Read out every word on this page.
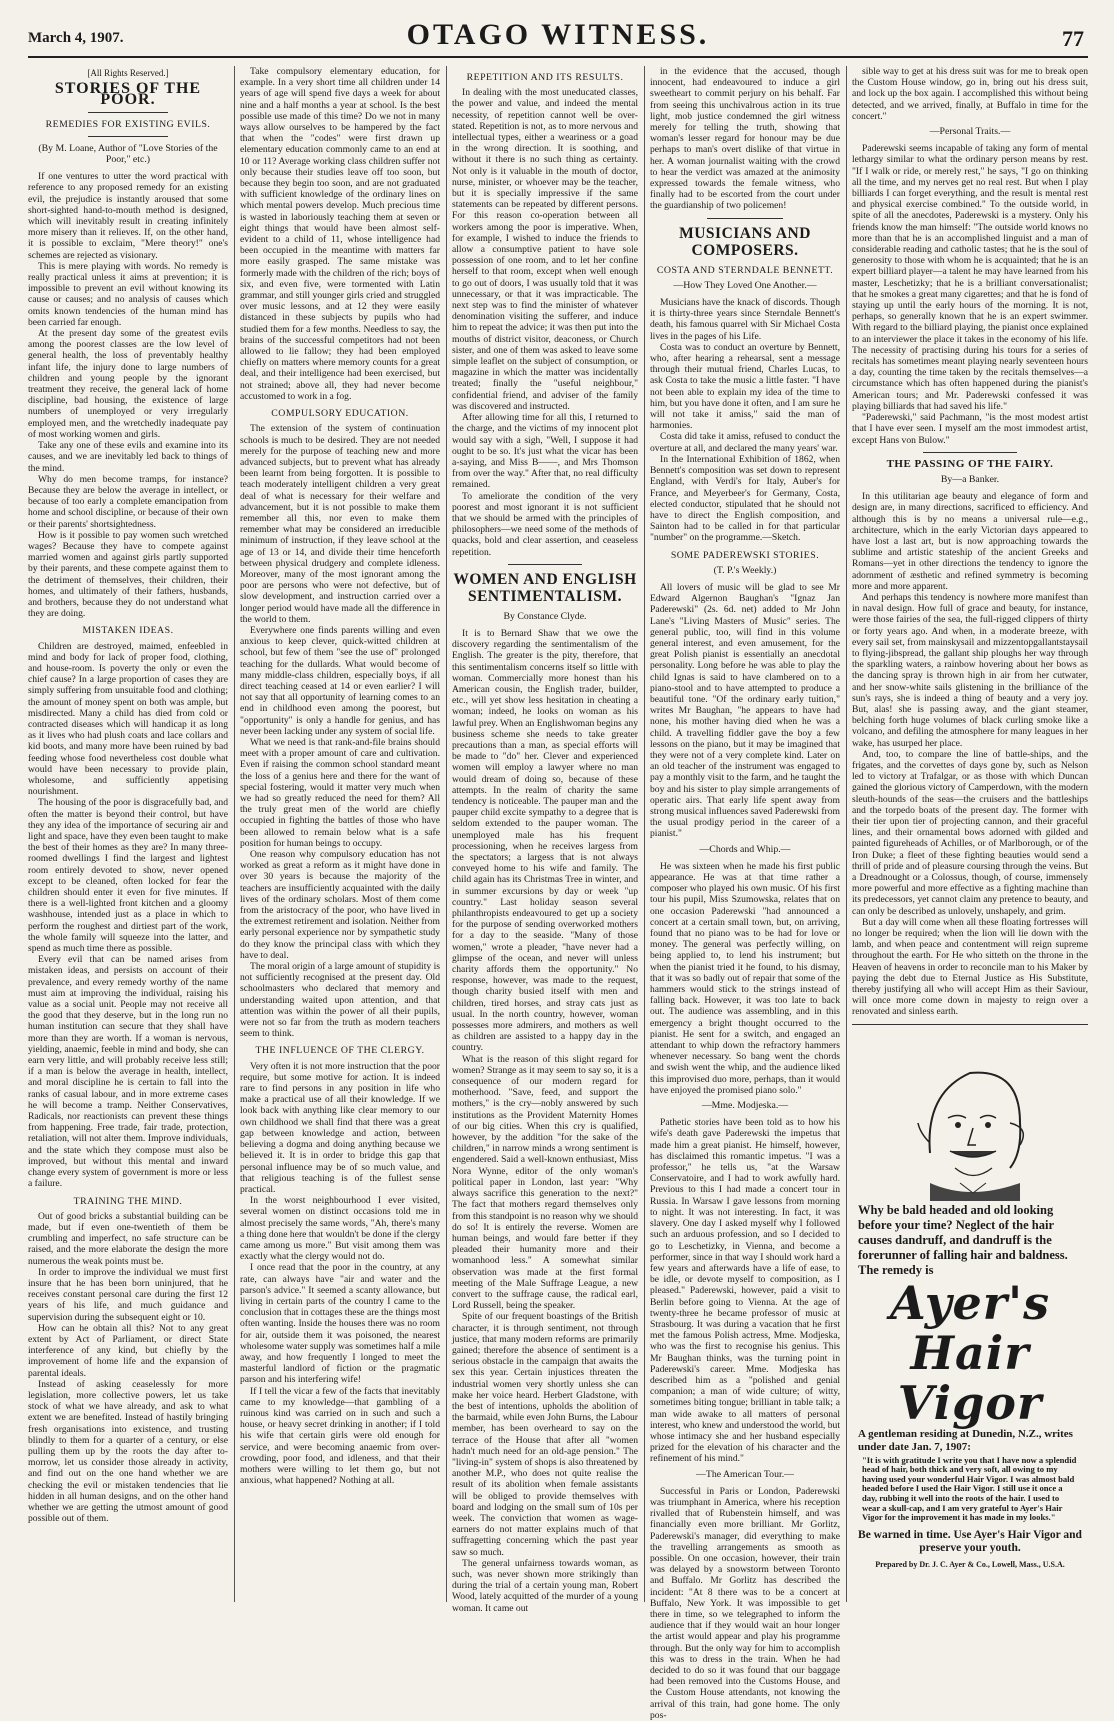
March 4, 1907.	OTAGO WITNESS.	77
[All Rights Reserved.]
STORIES OF THE POOR.
REMEDIES FOR EXISTING EVILS.
(By M. Loane, Author of "Love Stories of the Poor," etc.)

If one ventures to utter the word practical with reference to any proposed remedy for an existing evil, the prejudice is instantly aroused that some short-sighted hand-to-mouth method is designed, which will inevitably result in creating infinitely more misery than it relieves. If, on the other hand, it is possible to exclaim, "Mere theory!" one's schemes are rejected as visionary.

This is mere playing with words. No remedy is really practical unless it aims at prevention; it is impossible to prevent an evil without knowing its cause or causes; and no analysis of causes which omits known tendencies of the human mind has been carried far enough.

At the present day some of the greatest evils among the poorest classes are the low level of general health, the loss of preventably healthy infant life, the injury done to large numbers of children and young people by the ignorant treatment they receive, the general lack of home discipline, bad housing, the existence of large numbers of unemployed or very irregularly employed men, and the wretchedly inadequate pay of most working women and girls.

Take any one of these evils and examine into its causes, and we are inevitably led back to things of the mind.

Why do men become tramps, for instance? Because they are below the average in intellect, or because of too early a complete emancipation from home and school discipline, or because of their own or their parents' shortsightedness.

How is it possible to pay women such wretched wages? Because they have to compete against married women and against girls partly supported by their parents, and these compete against them to the detriment of themselves, their children, their homes, and ultimately of their fathers, husbands, and brothers, because they do not understand what they are doing.

MISTAKEN IDEAS.

Children are destroyed, maimed, enfeebled in mind and body for lack of proper food, clothing, and house-room. Is poverty the only or even the chief cause? In a large proportion of cases they are simply suffering from unsuitable food and clothing; the amount of money spent on both was ample, but misdirected. Many a child has died from cold or contracted diseases which will handicap it as long as it lives who had plush coats and lace collars and kid boots, and many more have been ruined by bad feeding whose food nevertheless cost double what would have been necessary to provide plain, wholesome, and sufficiently appetising nourishment.

The housing of the poor is disgracefully bad, and often the matter is beyond their control, but have they any idea of the importance of securing air and light and space, have they even been taught to make the best of their homes as they are? In many three-roomed dwellings I find the largest and lightest room entirely devoted to show, never opened except to be cleaned, often locked for fear the children should enter it even for five minutes. If there is a well-lighted front kitchen and a gloomy washhouse, intended just as a place in which to perform the roughest and dirtiest part of the work, the whole family will squeeze into the latter, and spend as much time there as possible.

Every evil that can be named arises from mistaken ideas, and persists on account of their prevalence, and every remedy worthy of the name must aim at improving the individual, raising his value as a social unit. People may not receive all the good that they deserve, but in the long run no human institution can secure that they shall have more than they are worth. If a woman is nervous, yielding, anaemic, feeble in mind and body, she can earn very little, and will probably receive less still; if a man is below the average in health, intellect, and moral discipline he is certain to fall into the ranks of casual labour, and in more extreme cases he will become a tramp. Neither Conservatives, Radicals, nor reactionists can prevent these things from happening. Free trade, fair trade, protection, retaliation, will not alter them. Improve individuals, and the state which they compose must also be improved, but without this mental and inward change every system of government is more or less a failure.

TRAINING THE MIND.

Out of good bricks a substantial building can be made, but if even one-twentieth of them be crumbling and imperfect, no safe structure can be raised, and the more elaborate the design the more numerous the weak points must be.

In order to improve the individual we must first insure that he has been born uninjured, that he receives constant personal care during the first 12 years of his life, and much guidance and supervision during the subsequent eight or 10.

How can he obtain all this? Not to any great extent by Act of Parliament, or direct State interference of any kind, but chiefly by the improvement of home life and the expansion of parental ideals.

Instead of asking ceaselessly for more legislation, more collective powers, let us take stock of what we have already, and ask to what extent we are benefited. Instead of hastily bringing fresh organisations into existence, and trusting blindly to them for a quarter of a century, or else pulling them up by the roots the day after to-morrow, let us consider those already in activity, and find out on the one hand whether we are checking the evil or mistaken tendencies that lie hidden in all human designs, and on the other hand whether we are getting the utmost amount of good possible out of them.

Take compulsory elementary education, for example. In a very short time all children under 14 years of age will spend five days a week for about nine and a half months a year at school. Is the best possible use made of this time? Do we not in many ways allow ourselves to be hampered by the fact that when the "codes" were first drawn up elementary education commonly came to an end at 10 or 11? Average working class children suffer not only because their studies leave off too soon, but because they begin too soon, and are not graduated with sufficient knowledge of the ordinary lines on which mental powers develop. Much precious time is wasted in laboriously teaching them at seven or eight things that would have been almost self-evident to a child of 11, whose intelligence had been occupied in the meantime with matters far more easily grasped. The same mistake was formerly made with the children of the rich; boys of six, and even five, were tormented with Latin grammar, and still younger girls cried and struggled over music lessons, and at 12 they were easily distanced in these subjects by pupils who had studied them for a few months. Needless to say, the brains of the successful competitors had not been allowed to lie fallow; they had been employed chiefly on matters where memory counts for a great deal, and their intelligence had been exercised, but not strained; above all, they had never become accustomed to work in a fog.

COMPULSORY EDUCATION.

The extension of the system of continuation schools is much to be desired. They are not needed merely for the purpose of teaching new and more advanced subjects, but to prevent what has already been learnt from being forgotten. It is possible to teach moderately intelligent children a very great deal of what is necessary for their welfare and advancement, but it is not possible to make them remember all this, nor even to make them remember what may be considered an irreducible minimum of instruction, if they leave school at the age of 13 or 14, and divide their time henceforth between physical drudgery and complete idleness. Moreover, many of the most ignorant among the poor are persons who were not defective, but of slow development, and instruction carried over a longer period would have made all the difference in the world to them.

Everywhere one finds parents willing and even anxious to keep clever, quick-witted children at school, but few of them "see the use of" prolonged teaching for the dullards. What would become of many middle-class children, especially boys, if all direct teaching ceased at 14 or even earlier? I will not say that all opportunity of learning comes to an end in childhood even among the poorest, but "opportunity" is only a handle for genius, and has never been lacking under any system of social life.

What we need is that rank-and-file brains should meet with a proper amount of care and cultivation. Even if raising the common school standard meant the loss of a genius here and there for the want of special fostering, would it matter very much when we had so greatly reduced the need for them? All the truly great men of the world are chiefly occupied in fighting the battles of those who have been allowed to remain below what is a safe position for human beings to occupy.

One reason why compulsory education has not worked as great a reform as it might have done in over 30 years is because the majority of the teachers are insufficiently acquainted with the daily lives of the ordinary scholars. Most of them come from the aristocracy of the poor, who have lived in the extremest retirement and isolation. Neither from early personal experience nor by sympathetic study do they know the principal class with which they have to deal.

The moral origin of a large amount of stupidity is not sufficiently recognised at the present day. Old schoolmasters who declared that memory and understanding waited upon attention, and that attention was within the power of all their pupils, were not so far from the truth as modern teachers seem to think.

THE INFLUENCE OF THE CLERGY.

Very often it is not more instruction that the poor require, but some motive for action. It is indeed rare to find persons in any position in life who make a practical use of all their knowledge. If we look back with anything like clear memory to our own childhood we shall find that there was a great gap between knowledge and action, between believing a dogma and doing anything because we believed it. It is in order to bridge this gap that personal influence may be of so much value, and that religious teaching is of the fullest sense practical.

In the worst neighbourhood I ever visited, several women on distinct occasions told me in almost precisely the same words, "Ah, there's many a thing done here that wouldn't be done if the clergy came among us more." But visit among them was exactly what the clergy would not do.

I once read that the poor in the country, at any rate, can always have "air and water and the parson's advice." It seemed a scanty allowance, but living in certain parts of the country I came to the conclusion that in cottages these are the things most often wanting. Inside the houses there was no room for air, outside them it was poisoned, the nearest wholesome water supply was sometimes half a mile away, and how frequently I longed to meet the masterful landlord of fiction or the pragmatic parson and his interfering wife!

If I tell the vicar a few of the facts that inevitably came to my knowledge—that gambling of a ruinous kind was carried on in such and such a house, or heavy secret drinking in another; if I told his wife that certain girls were old enough for service, and were becoming anaemic from over-crowding, poor food, and idleness, and that their mothers were willing to let them go, but not anxious, what happened? Nothing at all.

REPETITION AND ITS RESULTS.

In dealing with the most uneducated classes, the power and value, and indeed the mental necessity, of repetition cannot well be over-stated. Repetition is not, as to more nervous and intellectual types, either a weariness or a goad in the wrong direction. It is soothing, and without it there is no such thing as certainty. Not only is it valuable in the mouth of doctor, nurse, minister, or whoever may be the teacher, but it is specially impressive if the same statements can be repeated by different persons. For this reason co-operation between all workers among the poor is imperative. When, for example, I wished to induce the friends to allow a consumptive patient to have sole possession of one room, and to let her confine herself to that room, except when well enough to go out of doors, I was usually told that it was unnecessary, or that it was impracticable. The next step was to find the minister of whatever denomination visiting the sufferer, and induce him to repeat the advice; it was then put into the mouths of district visitor, deaconess, or Church sister, and one of them was asked to leave some simple leaflet on the subject of consumption, or magazine in which the matter was incidentally treated; finally the "useful neighbour," confidential friend, and adviser of the family was discovered and instructed.

After allowing time for all this, I returned to the charge, and the victims of my innocent plot would say with a sigh, "Well, I suppose it had ought to be so. It's just what the vicar has been a-saying, and Miss B——, and Mrs Thomson from over the way." After that, no real difficulty remained.

To ameliorate the condition of the very poorest and most ignorant it is not sufficient that we should be armed with the principles of philosophers—we need some of the methods of quacks, bold and clear assertion, and ceaseless repetition.

WOMEN AND ENGLISH SENTIMENTALISM.
By Constance Clyde.

It is to Bernard Shaw that we owe the discovery regarding the sentimentalism of the English. The greater is the pity, therefore, that this sentimentalism concerns itself so little with woman. Commercially more honest than his American cousin, the English trader, builder, etc., will yet show less hesitation in cheating a woman; indeed, he looks on woman as his lawful prey. When an Englishwoman begins any business scheme she needs to take greater precautions than a man, as special efforts will be made to "do" her. Clever and experienced women will employ a lawyer where no man would dream of doing so, because of these attempts. In the realm of charity the same tendency is noticeable. The pauper man and the pauper child excite sympathy to a degree that is seldom extended to the pauper woman. The unemployed male has his frequent processioning, when he receives largess from the spectators; a largess that is not always conveyed home to his wife and family. The child again has its Christmas Tree in winter, and in summer excursions by day or week "up country." Last holiday season several philanthropists endeavoured to get up a society for the purpose of sending overworked mothers for a day to the seaside. "Many of those women," wrote a pleader, "have never had a glimpse of the ocean, and never will unless charity affords them the opportunity." No response, however, was made to the request, though charity busied itself with men and children, tired horses, and stray cats just as usual. In the north country, however, woman possesses more admirers, and mothers as well as children are assisted to a happy day in the country.

What is the reason of this slight regard for women? Strange as it may seem to say so, it is a consequence of our modern regard for motherhood. "Save, feed, and support the mothers," is the cry—nobly answered by such institutions as the Provident Maternity Homes of our big cities. When this cry is qualified, however, by the addition "for the sake of the children," in narrow minds a wrong sentiment is engendered. Said a well-known enthusiast, Miss Nora Wynne, editor of the only woman's political paper in London, last year: "Why always sacrifice this generation to the next?" The fact that mothers regard themselves only from this standpoint is no reason why we should do so! It is entirely the reverse. Women are human beings, and would fare better if they pleaded their humanity more and their womanhood less." A somewhat similar observation was made at the first formal meeting of the Male Suffrage League, a new convert to the suffrage cause, the radical earl, Lord Russell, being the speaker.

Spite of our frequent boastings of the British character, it is through sentiment, not through justice, that many modern reforms are primarily gained; therefore the absence of sentiment is a serious obstacle in the campaign that awaits the sex this year. Certain injustices threaten the industrial women very shortly unless she can make her voice heard. Herbert Gladstone, with the best of intentions, upholds the abolition of the barmaid, while even John Burns, the Labour member, has been overheard to say on the terrace of the House that after all "women hadn't much need for an old-age pension." The "living-in" system of shops is also threatened by another M.P., who does not quite realise the result of its abolition when female assistants will be obliged to provide themselves with board and lodging on the small sum of 10s per week. The conviction that women as wage-earners do not matter explains much of that suffragetting concerning which the past year saw so much.

The general unfairness towards woman, as such, was never shown more strikingly than during the trial of a certain young man, Robert Wood, lately acquitted of the murder of a young woman. It came out

in the evidence that the accused, though innocent, had endeavoured to induce a girl sweetheart to commit perjury on his behalf. Far from seeing this unchivalrous action in its true light, mob justice condemned the girl witness merely for telling the truth, showing that woman's lesser regard for honour may be due perhaps to man's overt dislike of that virtue in her. A woman journalist waiting with the crowd to hear the verdict was amazed at the animosity expressed towards the female witness, who finally had to be escorted from the court under the guardianship of two policemen!

MUSICIANS AND COMPOSERS.
COSTA AND STERNDALE BENNETT.
—How They Loved One Another.—

Musicians have the knack of discords. Though it is thirty-three years since Sterndale Bennett's death, his famous quarrel with Sir Michael Costa lives in the pages of his Life.

Costa was to conduct an overture by Bennett, who, after hearing a rehearsal, sent a message through their mutual friend, Charles Lucas, to ask Costa to take the music a little faster. "I have not been able to explain my idea of the time to him, but you have done it often, and I am sure he will not take it amiss," said the man of harmonies.

Costa did take it amiss, refused to conduct the overture at all, and declared the many years' war.

In the International Exhibition of 1862, when Bennett's composition was set down to represent England, with Verdi's for Italy, Auber's for France, and Meyerbeer's for Germany, Costa, elected conductor, stipulated that he should not have to direct the English composition, and Sainton had to be called in for that particular "number" on the programme.—Sketch.

SOME PADEREWSKI STORIES.
(T. P.'s Weekly.)

All lovers of music will be glad to see Mr Edward Algernon Baughan's "Ignaz Jan Paderewski" (2s. 6d. net) added to Mr John Lane's "Living Masters of Music" series. The general public, too, will find in this volume general interest, and even amusement, for the great Polish pianist is essentially an anecdotal personality. Long before he was able to play the child Ignas is said to have clambered on to a piano-stool and to have attempted to produce a beautiful tone. "Of the ordinary early tuition," writes Mr Baughan, "he appears to have had none, his mother having died when he was a child. A travelling fiddler gave the boy a few lessons on the piano, but it may be imagined that they were not of a very complete kind. Later on an old teacher of the instrument was engaged to pay a monthly visit to the farm, and he taught the boy and his sister to play simple arrangements of operatic airs. That early life spent away from strong musical influences saved Paderewski from the usual prodigy period in the career of a pianist."

—Chords and Whip.—

He was sixteen when he made his first public appearance. He was at that time rather a composer who played his own music. Of his first tour his pupil, Miss Szumowska, relates that on one occasion Paderewski "had announced a concert at a certain small town, but, on arriving, found that no piano was to be had for love or money. The general was perfectly willing, on being applied to, to lend his instrument; but when the pianist tried it he found, to his dismay, that it was so badly out of repair that some of the hammers would stick to the strings instead of falling back. However, it was too late to back out. The audience was assembling, and in this emergency a bright thought occurred to the pianist. He sent for a switch, and engaged an attendant to whip down the refractory hammers whenever necessary. So bang went the chords and swish went the whip, and the audience liked this improvised duo more, perhaps, than it would have enjoyed the promised piano solo."

—Mme. Modjeska.—

Pathetic stories have been told as to how his wife's death gave Paderewski the impetus that made him a great pianist. He himself, however, has disclaimed this romantic impetus. "I was a professor," he tells us, "at the Warsaw Conservatoire, and I had to work awfully hard. Previous to this I had made a concert tour in Russia. In Warsaw I gave lessons from morning to night. It was not interesting. In fact, it was slavery. One day I asked myself why I followed such an arduous profession, and so I decided to go to Leschetizky, in Vienna, and become a performer, since in that way I should work hard a few years and afterwards have a life of ease, to be idle, or devote myself to composition, as I pleased." Paderewski, however, paid a visit to Berlin before going to Vienna. At the age of twenty-three he became professor of music at Strasbourg. It was during a vacation that he first met the famous Polish actress, Mme. Modjeska, who was the first to recognise his genius. This Mr Baughan thinks, was the turning point in Paderewski's career. Mme. Modjeska has described him as a "polished and genial companion; a man of wide culture; of witty, sometimes biting tongue; brilliant in table talk; a man wide awake to all matters of personal interest, who knew and understood the world, but whose intimacy she and her husband especially prized for the elevation of his character and the refinement of his mind."

—The American Tour.—

Successful in Paris or London, Paderewski was triumphant in America, where his reception rivalled that of Rubenstein himself, and was financially even more brilliant. Mr Gorlitz, Paderewski's manager, did everything to make the travelling arrangements as smooth as possible. On one occasion, however, their train was delayed by a snowstorm between Toronto and Buffalo. Mr Gorlitz has described the incident: "At 8 there was to be a concert at Buffalo, New York. It was impossible to get there in time, so we telegraphed to inform the audience that if they would wait an hour longer the artist would appear and play his programme through. But the only way for him to accomplish this was to dress in the train. When he had decided to do so it was found that our baggage had been removed into the Customs House, and the Custom House attendants, not knowing the arrival of this train, had gone home. The only pos-

sible way to get at his dress suit was for me to break open the Custom House window, go in, bring out his dress suit, and lock up the box again. I accomplished this without being detected, and we arrived, finally, at Buffalo in time for the concert."

—Personal Traits.—

Paderewski seems incapable of taking any form of mental lethargy similar to what the ordinary person means by rest. "If I walk or ride, or merely rest," he says, "I go on thinking all the time, and my nerves get no real rest. But when I play billiards I can forget everything, and the result is mental rest and physical exercise combined." To the outside world, in spite of all the anecdotes, Paderewski is a mystery. Only his friends know the man himself: "The outside world knows no more than that he is an accomplished linguist and a man of considerable reading and catholic tastes; that he is the soul of generosity to those with whom he is acquainted; that he is an expert billiard player—a talent he may have learned from his master, Leschetizky; that he is a brilliant conversationalist; that he smokes a great many cigarettes; and that he is fond of staying up until the early hours of the morning. It is not, perhaps, so generally known that he is an expert swimmer. With regard to the billiard playing, the pianist once explained to an interviewer the place it takes in the economy of his life. The necessity of practising during his tours for a series of recitals has sometimes meant playing nearly seventeen hours a day, counting the time taken by the recitals themselves—a circumstance which has often happened during the pianist's American tours; and Mr. Paderewski confessed it was playing billiards that had saved his life."

"Paderewski," said Pachmann, "is the most modest artist that I have ever seen. I myself am the most immodest artist, except Hans von Bulow."

THE PASSING OF THE FAIRY.
By—a Banker.

In this utilitarian age beauty and elegance of form and design are, in many directions, sacrificed to efficiency. And although this is by no means a universal rule—e.g., architecture, which in the early Victorian days appeared to have lost a last art, but is now approaching towards the sublime and artistic stateship of the ancient Greeks and Romans—yet in other directions the tendency to ignore the adornment of æsthetic and refined symmetry is becoming more and more apparent.

And perhaps this tendency is nowhere more manifest than in naval design. How full of grace and beauty, for instance, were those fairies of the sea, the full-rigged clippers of thirty or forty years ago. And when, in a moderate breeze, with every sail set, from mainskysail and mizzentopgallantstaysail to flying-jibspread, the gallant ship ploughs her way through the sparkling waters, a rainbow hovering about her bows as the dancing spray is thrown high in air from her cutwater, and her snow-white sails glistening in the brilliance of the sun's rays, she is indeed a thing of beauty and a very joy. But, alas! she is passing away, and the giant steamer, belching forth huge volumes of black curling smoke like a volcano, and defiling the atmosphere for many leagues in her wake, has usurped her place.

And, too, to compare the line of battle-ships, and the frigates, and the corvettes of days gone by, such as Nelson led to victory at Trafalgar, or as those with which Duncan gained the glorious victory of Camperdown, with the modern sleuth-hounds of the seas—the cruisers and the battleships and the torpedo boats of the present day. The former with their tier upon tier of projecting cannon, and their graceful lines, and their ornamental bows adorned with gilded and painted figureheads of Achilles, or of Marlborough, or of the Iron Duke; a fleet of these fighting beauties would send a thrill of pride and of pleasure coursing through the veins. But a Dreadnought or a Colossus, though, of course, immensely more powerful and more effective as a fighting machine than its predecessors, yet cannot claim any pretence to beauty, and can only be described as unlovely, unshapely, and grim.

But a day will come when all these floating fortresses will no longer be required; when the lion will lie down with the lamb, and when peace and contentment will reign supreme throughout the earth. For He who sitteth on the throne in the Heaven of heavens in order to reconcile man to his Maker by paying the debt due to Eternal Justice as His Substitute, thereby justifying all who will accept Him as their Saviour, will once more come down in majesty to reign over a renovated and sinless earth.

Why be bald headed and old looking before your time? Neglect of the hair causes dandruff, and dandruff is the forerunner of falling hair and baldness. The remedy is
Ayer's
Hair Vigor
A gentleman residing at Dunedin, N.Z., writes under date Jan. 7, 1907:
"It is with gratitude I write you that I have now a splendid head of hair, both thick and very soft, all owing to my having used your wonderful Hair Vigor. I was almost bald headed before I used the Hair Vigor. I still use it once a day, rubbing it well into the roots of the hair. I used to wear a skull-cap, and I am very grateful to Ayer's Hair Vigor for the improvement it has made in my looks."
Be warned in time. Use Ayer's Hair Vigor and preserve your youth.
Prepared by Dr. J. C. Ayer & Co., Lowell, Mass., U.S.A.
